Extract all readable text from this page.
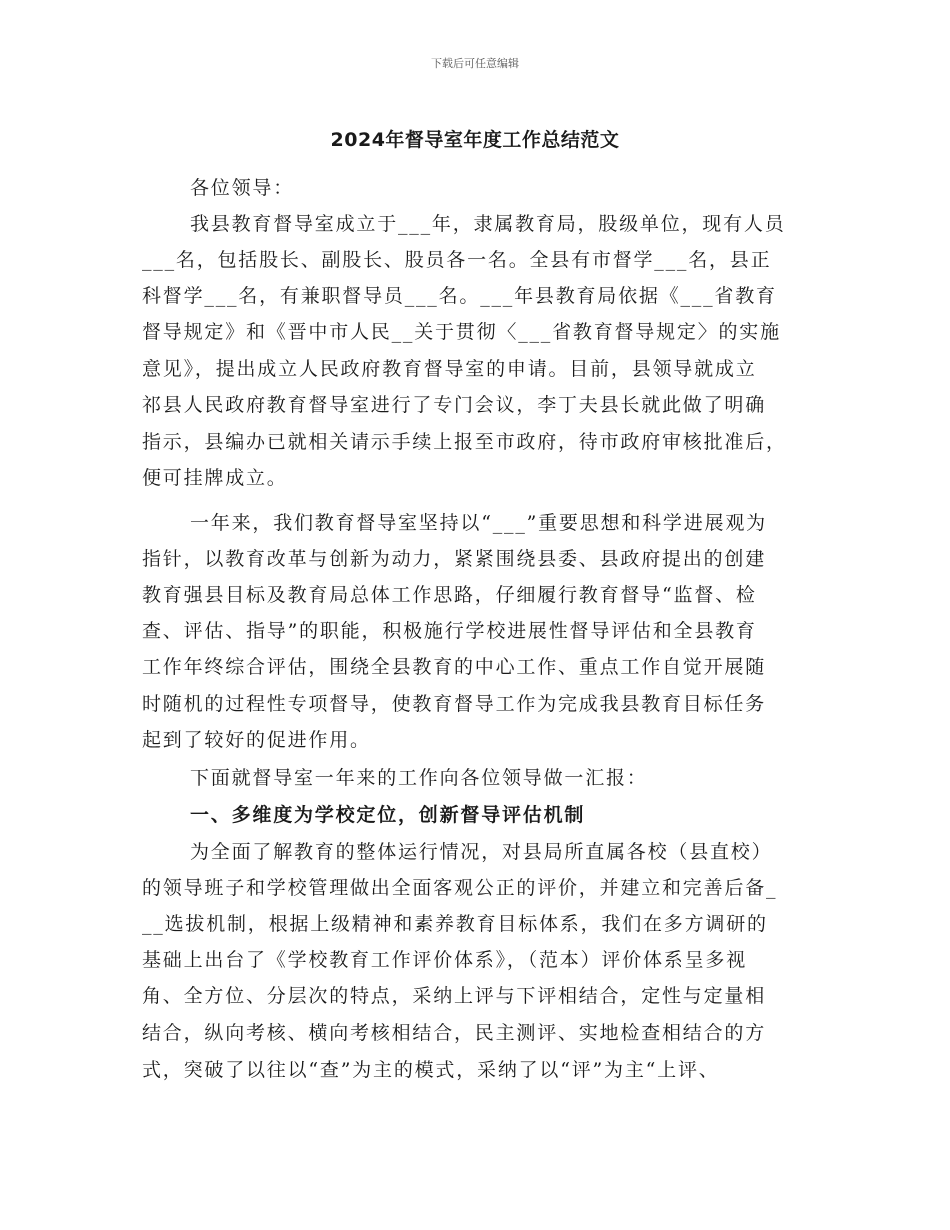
下载后可任意编辑
2024年督导室年度工作总结范文
各位领导：
我县教育督导室成立于___年，隶属教育局，股级单位，现有人员
___名，包括股长、副股长、股员各一名。全县有市督学___名，县正
科督学___名，有兼职督导员___名。___年县教育局依据《___省教育
督导规定》和《晋中市人民__关于贯彻〈___省教育督导规定〉的实施
意见》，提出成立人民政府教育督导室的申请。目前，县领导就成立
祁县人民政府教育督导室进行了专门会议，李丁夫县长就此做了明确
指示，县编办已就相关请示手续上报至市政府，待市政府审核批准后，
便可挂牌成立。
一年来，我们教育督导室坚持以“___”重要思想和科学进展观为
指针，以教育改革与创新为动力，紧紧围绕县委、县政府提出的创建
教育强县目标及教育局总体工作思路，仔细履行教育督导“监督、检
查、评估、指导”的职能，积极施行学校进展性督导评估和全县教育
工作年终综合评估，围绕全县教育的中心工作、重点工作自觉开展随
时随机的过程性专项督导，使教育督导工作为完成我县教育目标任务
起到了较好的促进作用。
下面就督导室一年来的工作向各位领导做一汇报：
一、多维度为学校定位，创新督导评估机制
为全面了解教育的整体运行情况，对县局所直属各校（县直校）
的领导班子和学校管理做出全面客观公正的评价，并建立和完善后备_
__选拔机制，根据上级精神和素养教育目标体系，我们在多方调研的
基础上出台了《学校教育工作评价体系》，（范本）评价体系呈多视
角、全方位、分层次的特点，采纳上评与下评相结合，定性与定量相
结合，纵向考核、横向考核相结合，民主测评、实地检查相结合的方
式，突破了以往以“查”为主的模式，采纳了以“评”为主“上评、
